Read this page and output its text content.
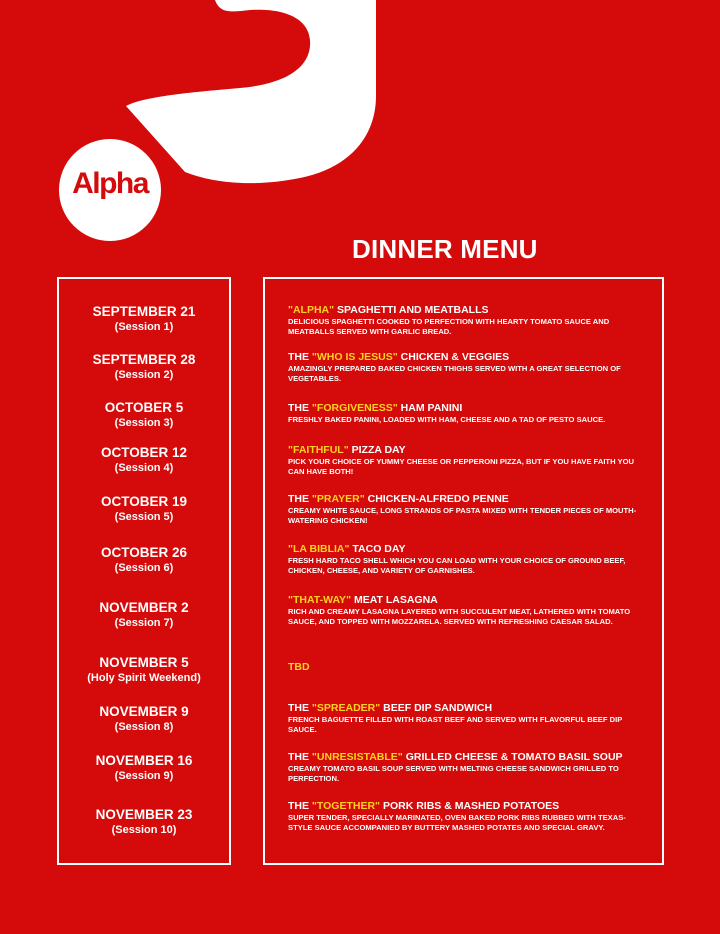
Alpha
DINNER MENU
SEPTEMBER 21
(Session 1)
SEPTEMBER 28
(Session 2)
OCTOBER 5
(Session 3)
OCTOBER 12
(Session 4)
OCTOBER 19
(Session 5)
OCTOBER 26
(Session 6)
NOVEMBER 2
(Session 7)
NOVEMBER 5
(Holy Spirit Weekend)
NOVEMBER 9
(Session 8)
NOVEMBER 16
(Session 9)
NOVEMBER 23
(Session 10)
"ALPHA" SPAGHETTI AND MEATBALLS
DELICIOUS SPAGHETTI COOKED TO PERFECTION WITH HEARTY TOMATO SAUCE AND MEATBALLS SERVED WITH GARLIC BREAD.
THE "WHO IS JESUS" CHICKEN & VEGGIES
AMAZINGLY PREPARED BAKED CHICKEN THIGHS SERVED WITH A GREAT SELECTION OF VEGETABLES.
THE "FORGIVENESS" HAM PANINI
FRESHLY BAKED PANINI, LOADED WITH HAM, CHEESE AND A TAD OF PESTO SAUCE.
"FAITHFUL" PIZZA DAY
PICK YOUR CHOICE OF YUMMY CHEESE OR PEPPERONI PIZZA, BUT IF YOU HAVE FAITH YOU CAN HAVE BOTH!
THE "PRAYER" CHICKEN-ALFREDO PENNE
CREAMY WHITE SAUCE, LONG STRANDS OF PASTA MIXED WITH TENDER PIECES OF MOUTH-WATERING CHICKEN!
"LA BIBLIA" TACO DAY
FRESH HARD TACO SHELL WHICH YOU CAN LOAD WITH YOUR CHOICE OF GROUND BEEF, CHICKEN, CHEESE, AND VARIETY OF GARNISHES.
"THAT-WAY" MEAT LASAGNA
RICH AND CREAMY LASAGNA LAYERED WITH SUCCULENT MEAT, LATHERED WITH TOMATO SAUCE, AND TOPPED WITH MOZZARELA. SERVED WITH REFRESHING CAESAR SALAD.
TBD
THE "SPREADER" BEEF DIP SANDWICH
FRENCH BAGUETTE FILLED WITH ROAST BEEF AND SERVED WITH FLAVORFUL BEEF DIP SAUCE.
THE "UNRESISTABLE" GRILLED CHEESE & TOMATO BASIL SOUP
CREAMY TOMATO BASIL SOUP SERVED WITH MELTING CHEESE SANDWICH GRILLED TO PERFECTION.
THE "TOGETHER" PORK RIBS & MASHED POTATOES
SUPER TENDER, SPECIALLY MARINATED, OVEN BAKED PORK RIBS RUBBED WITH TEXAS-STYLE SAUCE ACCOMPANIED BY BUTTERY MASHED POTATES AND SPECIAL GRAVY.
